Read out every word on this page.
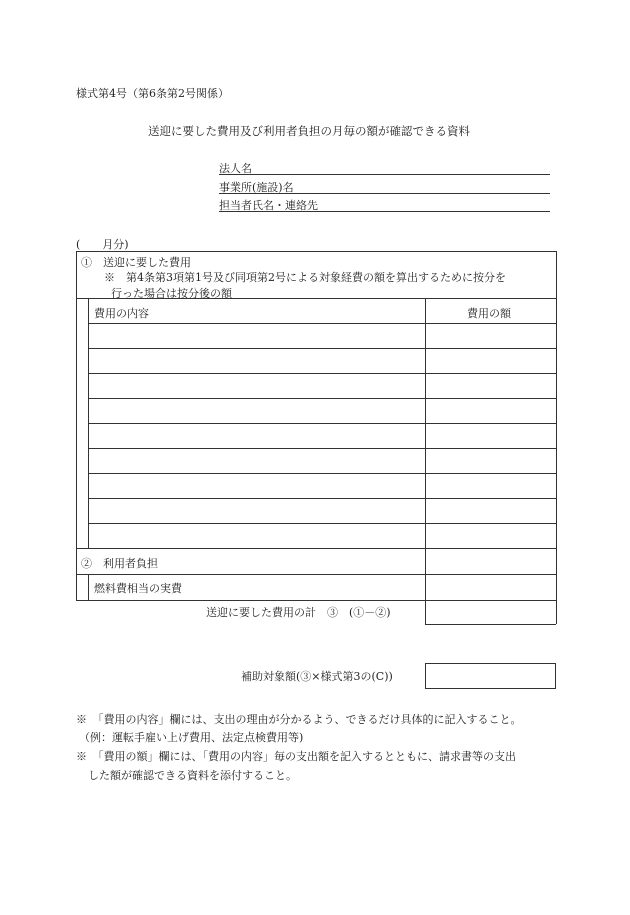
様式第4号（第6条第2号関係）
送迎に要した費用及び利用者負担の月毎の額が確認できる資料
法人名
事業所(施設)名
担当者氏名・連絡先
(　　月分)
①　送迎に要した費用
※　第4条第3項第1号及び同項第2号による対象経費の額を算出するために按分を
行った場合は按分後の額
費用の内容	費用の額
②　利用者負担
燃料費相当の実費
送迎に要した費用の計　③　(①－②)
補助対象額(③×様式第3の(C))
※　「費用の内容」欄には、支出の理由が分かるよう、できるだけ具体的に記入すること。
（例：運転手雇い上げ費用、法定点検費用等)
※　「費用の額」欄には、「費用の内容」毎の支出額を記入するとともに、請求書等の支出
した額が確認できる資料を添付すること。
